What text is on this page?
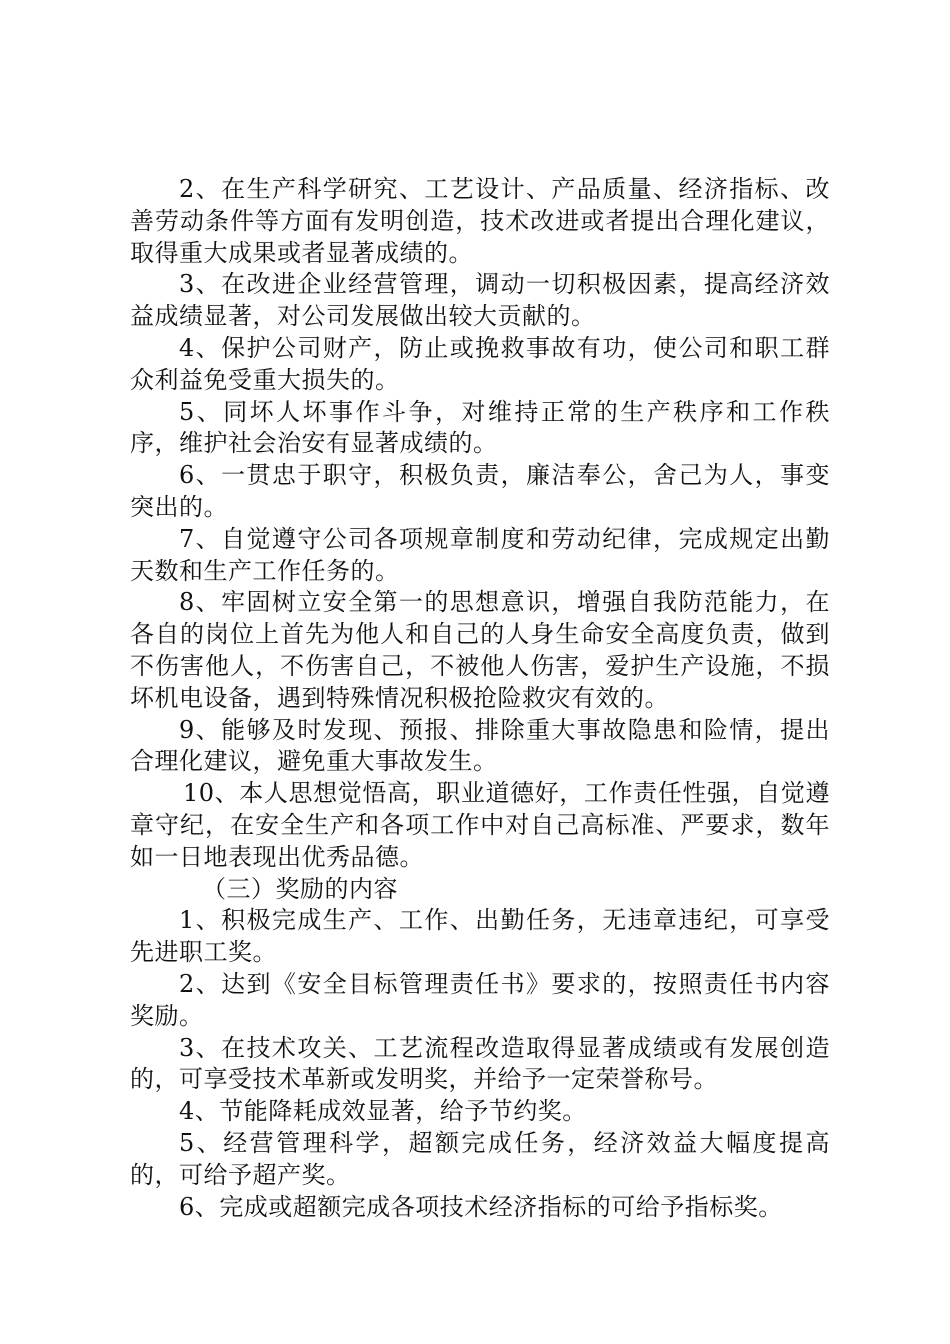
2、在生产科学研究、工艺设计、产品质量、经济指标、改善劳动条件等方面有发明创造，技术改进或者提出合理化建议，取得重大成果或者显著成绩的。

3、在改进企业经营管理，调动一切积极因素，提高经济效益成绩显著，对公司发展做出较大贡献的。

4、保护公司财产，防止或挽救事故有功，使公司和职工群众利益免受重大损失的。

5、同坏人坏事作斗争，对维持正常的生产秩序和工作秩序，维护社会治安有显著成绩的。

6、一贯忠于职守，积极负责，廉洁奉公，舍己为人，事变突出的。

7、自觉遵守公司各项规章制度和劳动纪律，完成规定出勤天数和生产工作任务的。

8、牢固树立安全第一的思想意识，增强自我防范能力，在各自的岗位上首先为他人和自己的人身生命安全高度负责，做到不伤害他人，不伤害自己，不被他人伤害，爱护生产设施，不损坏机电设备，遇到特殊情况积极抢险救灾有效的。

9、能够及时发现、预报、排除重大事故隐患和险情，提出合理化建议，避免重大事故发生。

10、本人思想觉悟高，职业道德好，工作责任性强，自觉遵章守纪，在安全生产和各项工作中对自己高标准、严要求，数年如一日地表现出优秀品德。

（三）奖励的内容

1、积极完成生产、工作、出勤任务，无违章违纪，可享受先进职工奖。

2、达到《安全目标管理责任书》要求的，按照责任书内容奖励。

3、在技术攻关、工艺流程改造取得显著成绩或有发展创造的，可享受技术革新或发明奖，并给予一定荣誉称号。

4、节能降耗成效显著，给予节约奖。

5、经营管理科学，超额完成任务，经济效益大幅度提高的，可给予超产奖。

6、完成或超额完成各项技术经济指标的可给予指标奖。
